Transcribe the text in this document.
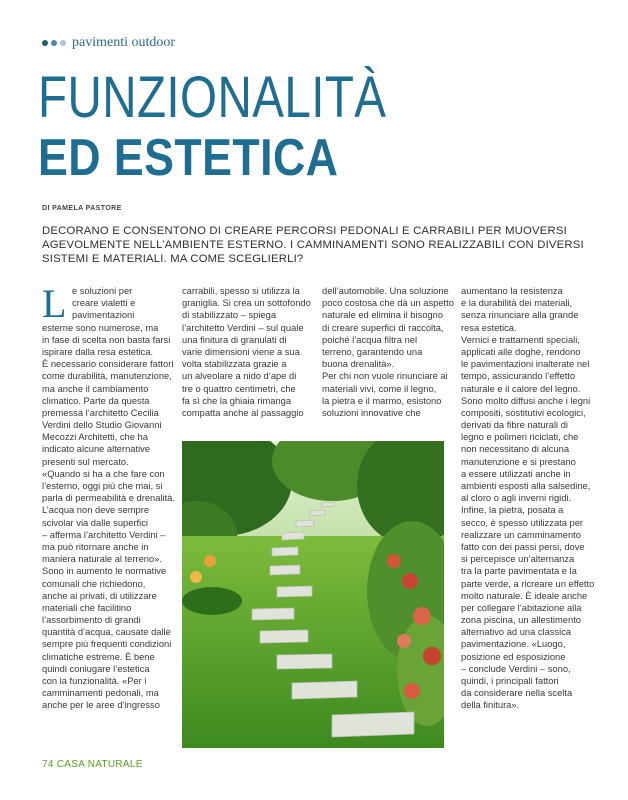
pavimenti outdoor
FUNZIONALITÀ
ED ESTETICA
DI PAMELA PASTORE
DECORANO E CONSENTONO DI CREARE PERCORSI PEDONALI E CARRABILI PER MUOVERSI AGEVOLMENTE NELL’AMBIENTE ESTERNO. I CAMMINAMENTI SONO REALIZZABILI CON DIVERSI SISTEMI E MATERIALI. MA COME SCEGLIERLI?
L e soluzioni per
creare vialetti e
pavimentazioni
esterne sono numerose, ma
in fase di scelta non basta farsi
ispirare dalla resa estetica.
È necessario considerare fattori
come durabilità, manutenzione,
ma anche il cambiamento
climatico. Parte da questa
premessa l’architetto Cecilia
Verdini dello Studio Giovanni
Mecozzi Architetti, che ha
indicato alcune alternative
presenti sul mercato.
«Quando si ha a che fare con
l’esterno, oggi più che mai, si
parla di permeabilità e drenalità.
L’acqua non deve sempre
scivolar via dalle superfici
– afferma l’architetto Verdini –
ma può ritornare anche in
maniera naturale al terreno».
Sono in aumento le normative
comunali che richiedono,
anche ai privati, di utilizzare
materiali che facilitino
l’assorbimento di grandi
quantità d’acqua, causate dalle
sempre più frequenti condizioni
climatiche estreme. È bene
quindi coniugare l’estetica
con la funzionalità. «Per i
camminamenti pedonali, ma
anche per le aree d’ingresso
carrabili, spesso si utilizza la
graniglia. Si crea un sottofondo
di stabilizzato – spiega
l’architetto Verdini – sul quale
una finitura di granulati di
varie dimensioni viene a sua
volta stabilizzata grazie a
un alveolare a nido d’ape di
tre o quattro centimetri, che
fa sì che la ghiaia rimanga
compatta anche al passaggio
dell’automobile. Una soluzione
poco costosa che dà un aspetto
naturale ed elimina il bisogno
di creare superfici di raccolta,
poiché l’acqua filtra nel
terreno, garantendo una
buona drenalità».
Per chi non vuole rinunciare ai
materiali vivi, come il legno,
la pietra e il marmo, esistono
soluzioni innovative che
aumentano la resistenza
e la durabilità dei materiali,
senza rinunciare alla grande
resa estetica.
Vernici e trattamenti speciali,
applicati alle doghe, rendono
le pavimentazioni inalterate nel
tempo, assicurando l’effetto
naturale e il calore del legno.
Sono molto diffusi anche i legni
compositi, sostitutivi ecologici,
derivati da fibre naturali di
legno e polimeri riciclati, che
non necessitano di alcuna
manutenzione e si prestano
a essere utilizzati anche in
ambienti esposti alla salsedine,
al cloro o agli inverni rigidi.
Infine, la pietra, posata a
secco, è spesso utilizzata per
realizzare un camminamento
fatto con dei passi persi, dove
si percepisce un’alternanza
tra la parte pavimentata e la
parte verde, a ricreare un effetto
molto naturale. È ideale anche
per collegare l’abitazione alla
zona piscina, un allestimento
alternativo ad una classica
pavimentazione. «Luogo,
posizione ed esposizione
– conclude Verdini – sono,
quindi, i principali fattori
da considerare nella scelta
della finitura».
74 CASA NATURALE
